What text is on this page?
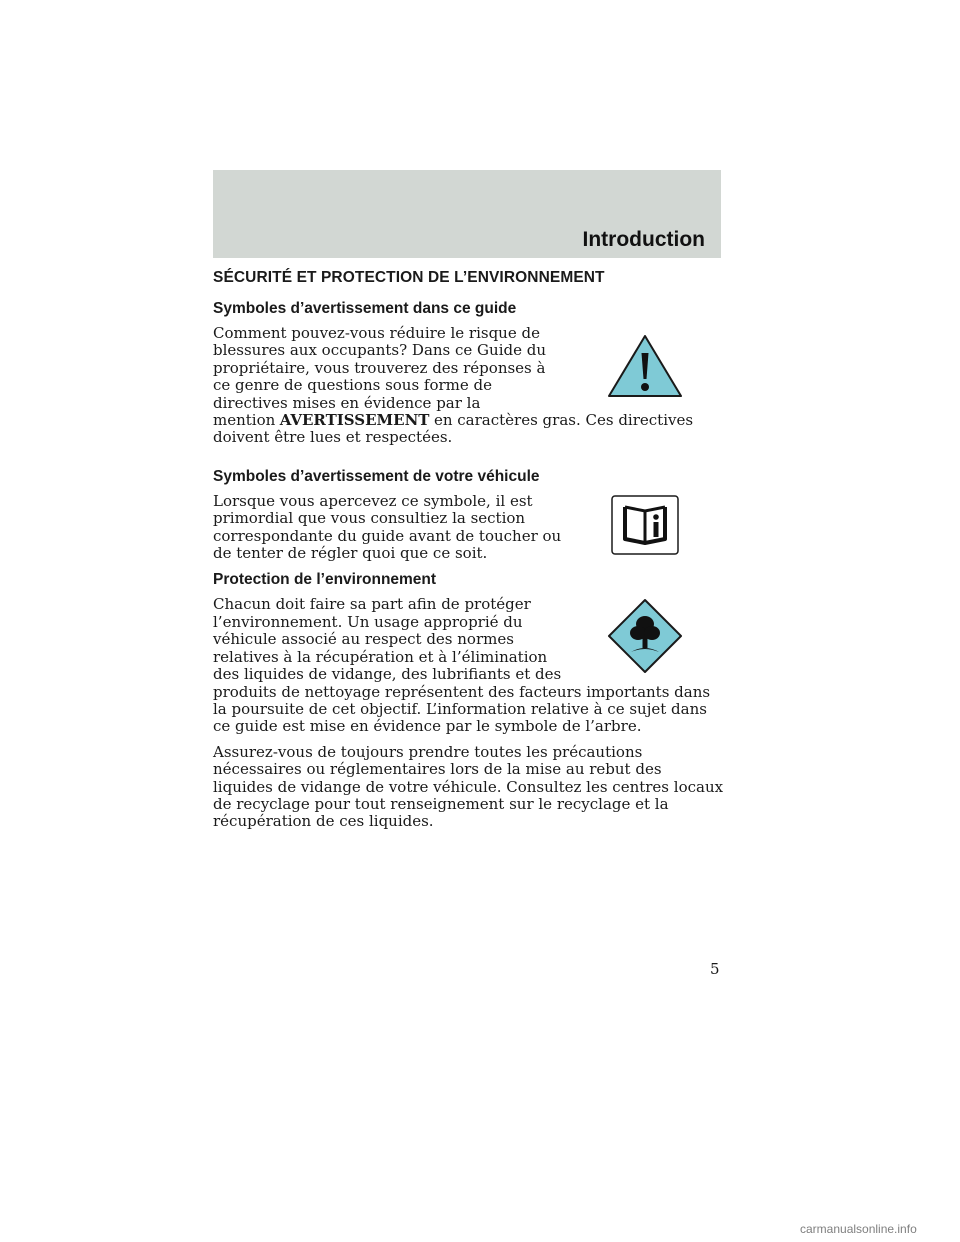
Introduction
SÉCURITÉ ET PROTECTION DE L’ENVIRONNEMENT
Symboles d’avertissement dans ce guide

Comment pouvez-vous réduire le risque de blessures aux occupants? Dans ce Guide du propriétaire, vous trouverez des réponses à ce genre de questions sous forme de directives mises en évidence par la mention AVERTISSEMENT en caractères gras. Ces directives doivent être lues et respectées.

Symboles d’avertissement de votre véhicule

Lorsque vous apercevez ce symbole, il est primordial que vous consultiez la section correspondante du guide avant de toucher ou de tenter de régler quoi que ce soit.

Protection de l’environnement

Chacun doit faire sa part afin de protéger l’environnement. Un usage approprié du véhicule associé au respect des normes relatives à la récupération et à l’élimination des liquides de vidange, des lubrifiants et des produits de nettoyage représentent des facteurs importants dans la poursuite de cet objectif. L’information relative à ce sujet dans ce guide est mise en évidence par le symbole de l’arbre.

Assurez-vous de toujours prendre toutes les précautions nécessaires ou réglementaires lors de la mise au rebut des liquides de vidange de votre véhicule. Consultez les centres locaux de recyclage pour tout renseignement sur le recyclage et la récupération de ces liquides.

5
carmanualsonline.info
